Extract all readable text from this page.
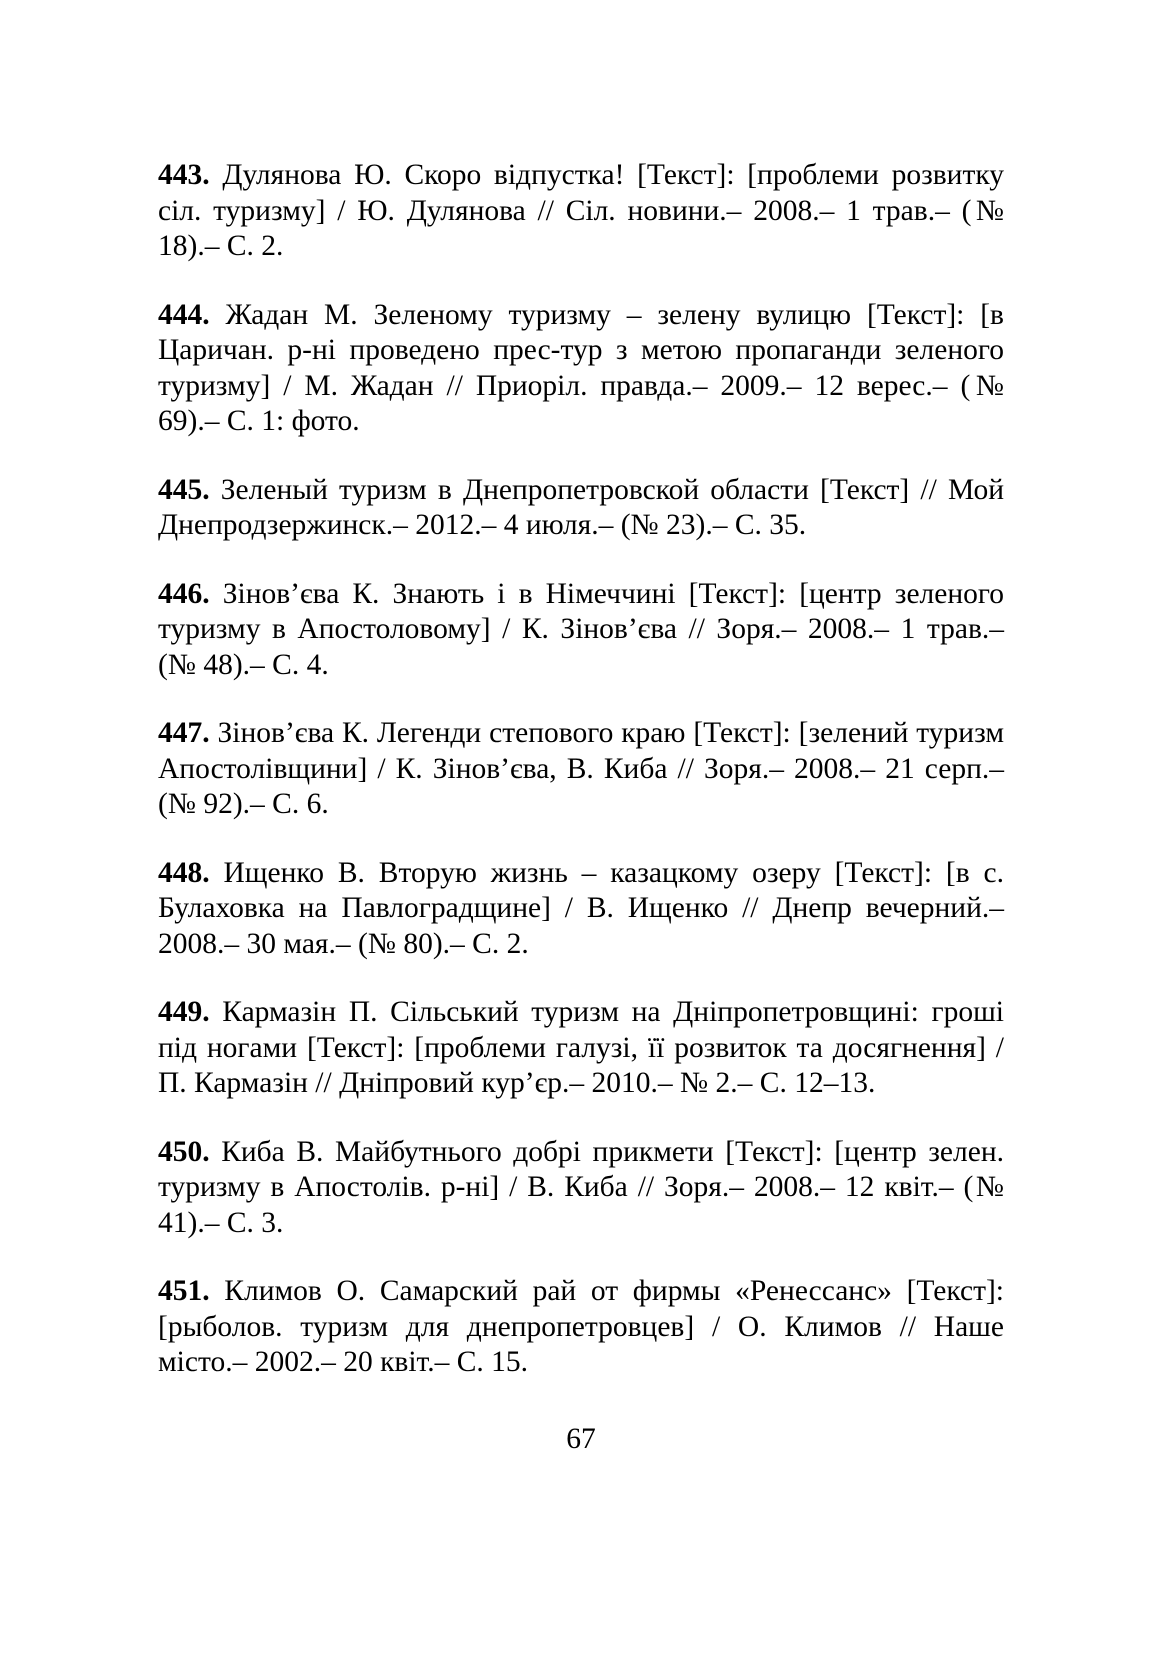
443. Дулянова Ю. Скоро відпустка! [Текст]: [проблеми розвитку сіл. туризму] / Ю. Дулянова // Сіл. новини.– 2008.– 1 трав.– (№ 18).– С. 2.

444. Жадан М. Зеленому туризму – зелену вулицю [Текст]: [в Царичан. р-ні проведено прес-тур з метою пропаганди зеленого туризму] / М. Жадан // Приоріл. правда.– 2009.– 12 верес.– (№ 69).– С. 1: фото.

445. Зеленый туризм в Днепропетровской области [Текст] // Мой Днепродзержинск.– 2012.– 4 июля.– (№ 23).– С. 35.

446. Зінов’єва К. Знають і в Німеччині [Текст]: [центр зеленого туризму в Апостоловому] / К. Зінов’єва // Зоря.– 2008.– 1 трав.– (№ 48).– С. 4.

447. Зінов’єва К. Легенди степового краю [Текст]: [зелений туризм Апостолівщини] / К. Зінов’єва, В. Киба // Зоря.– 2008.– 21 серп.– (№ 92).– С. 6.

448. Ищенко В. Вторую жизнь – казацкому озеру [Текст]: [в с. Булаховка на Павлоградщине] / В. Ищенко // Днепр вечерний.– 2008.– 30 мая.– (№ 80).– С. 2.

449. Кармазін П. Сільський туризм на Дніпропетровщині: гроші під ногами [Текст]: [проблеми галузі, її розвиток та досягнення] / П. Кармазін // Дніпровий кур’єр.– 2010.– № 2.– С. 12–13.

450. Киба В. Майбутнього добрі прикмети [Текст]: [центр зелен. туризму в Апостолів. р-ні] / В. Киба // Зоря.– 2008.– 12 квіт.– (№ 41).– С. 3.

451. Климов О. Самарский рай от фирмы «Ренессанс» [Текст]: [рыболов. туризм для днепропетровцев] / О. Климов // Наше місто.– 2002.– 20 квіт.– С. 15.

67
